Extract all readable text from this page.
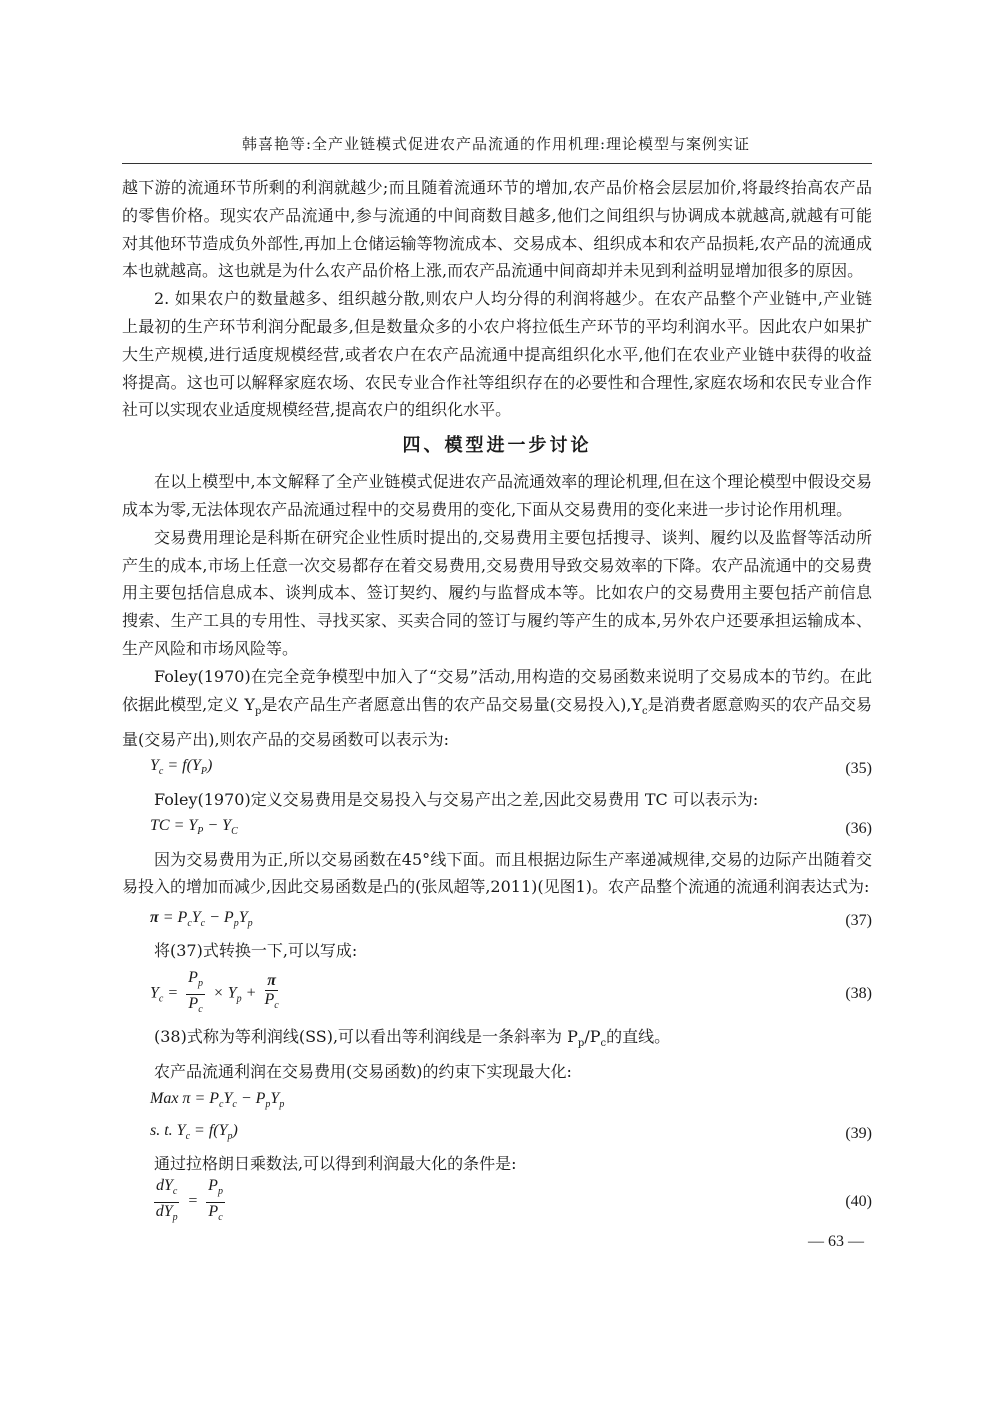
韩喜艳等:全产业链模式促进农产品流通的作用机理:理论模型与案例实证

越下游的流通环节所剩的利润就越少;而且随着流通环节的增加,农产品价格会层层加价,将最终抬高农产品的零售价格。现实农产品流通中,参与流通的中间商数目越多,他们之间组织与协调成本就越高,就越有可能对其他环节造成负外部性,再加上仓储运输等物流成本、交易成本、组织成本和农产品损耗,农产品的流通成本也就越高。这也就是为什么农产品价格上涨,而农产品流通中间商却并未见到利益明显增加很多的原因。

2. 如果农户的数量越多、组织越分散,则农户人均分得的利润将越少。在农产品整个产业链中,产业链上最初的生产环节利润分配最多,但是数量众多的小农户将拉低生产环节的平均利润水平。因此农户如果扩大生产规模,进行适度规模经营,或者农户在农产品流通中提高组织化水平,他们在农业产业链中获得的收益将提高。这也可以解释家庭农场、农民专业合作社等组织存在的必要性和合理性,家庭农场和农民专业合作社可以实现农业适度规模经营,提高农户的组织化水平。

四、模型进一步讨论

在以上模型中,本文解释了全产业链模式促进农产品流通效率的理论机理,但在这个理论模型中假设交易成本为零,无法体现农产品流通过程中的交易费用的变化,下面从交易费用的变化来进一步讨论作用机理。

交易费用理论是科斯在研究企业性质时提出的,交易费用主要包括搜寻、谈判、履约以及监督等活动所产生的成本,市场上任意一次交易都存在着交易费用,交易费用导致交易效率的下降。农产品流通中的交易费用主要包括信息成本、谈判成本、签订契约、履约与监督成本等。比如农户的交易费用主要包括产前信息搜索、生产工具的专用性、寻找买家、买卖合同的签订与履约等产生的成本,另外农户还要承担运输成本、生产风险和市场风险等。

Foley(1970)在完全竞争模型中加入了“交易”活动,用构造的交易函数来说明了交易成本的节约。在此依据此模型,定义 $Y_p$是农产品生产者愿意出售的农产品交易量(交易投入)$,Y_c$是消费者愿意购买的农产品交易量(交易产出),则农产品的交易函数可以表示为:

$Y_c = f(Y_P)$	(35)

Foley(1970)定义交易费用是交易投入与交易产出之差,因此交易费用 TC 可以表示为:

TC = $Y_P - Y_C$	(36)

因为交易费用为正,所以交易函数在45°线下面。而且根据边际生产率递减规律,交易的边际产出随着交易投入的增加而减少,因此交易函数是凸的(张凤超等,2011)(见图1)。农产品整个流通的流通利润表达式为:

$\pi = P_cY_c - P_pY_p$	(37)

将(37)式转换一下,可以写成:

$Y_c = \frac{P_p}{P_c} \times Y_p + \frac{\pi}{P_c}$	(38)

(38)式称为等利润线(SS),可以看出等利润线是一条斜率为 $P_p/P_c$的直线。

农产品流通利润在交易费用(交易函数)的约束下实现最大化:

Max $\pi = P_cY_c - P_pY_p$
s. t. $Y_c = f(Y_p)$	(39)

通过拉格朗日乘数法,可以得到利润最大化的条件是:

$\frac{dY_c}{dY_p} = \frac{P_p}{P_c}$	(40)
— 63 —
